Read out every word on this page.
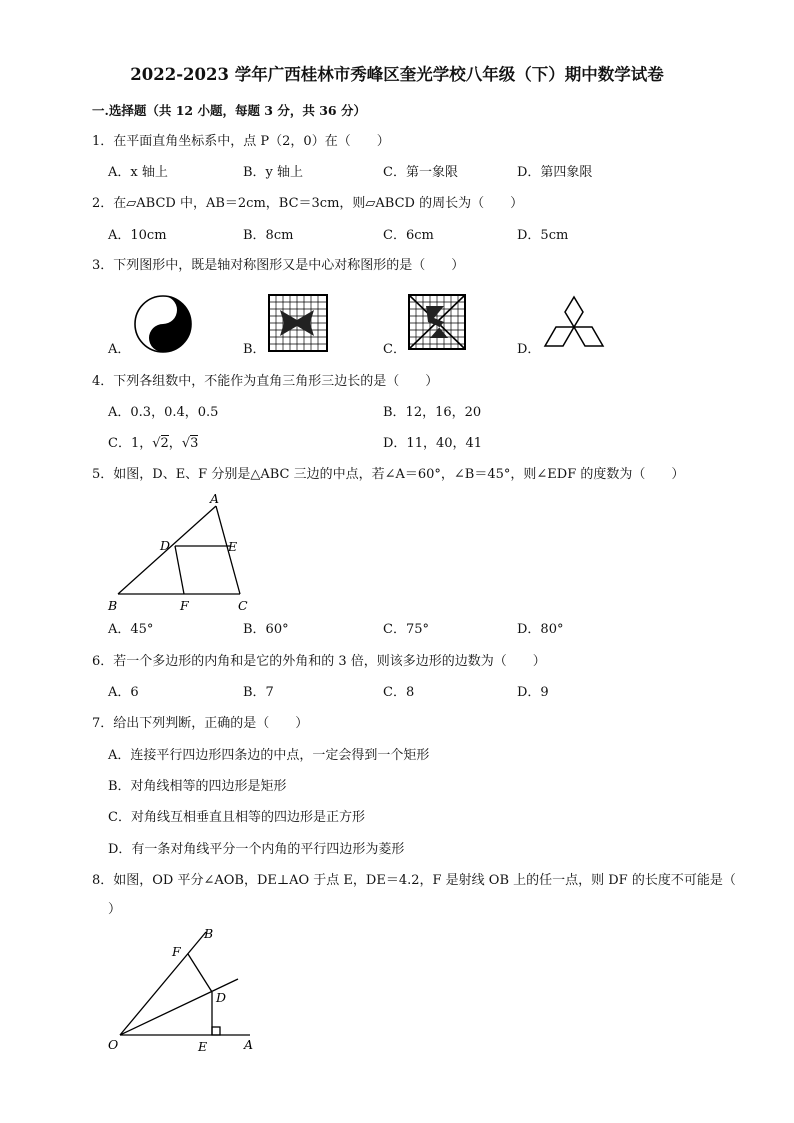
2022-2023 学年广西桂林市秀峰区奎光学校八年级（下）期中数学试卷
一.选择题（共 12 小题，每题 3 分，共 36 分）
1．在平面直角坐标系中，点 P（2，0）在（　　）
A．x 轴上	B．y 轴上	C．第一象限	D．第四象限
2．在▱ABCD 中，AB＝2cm，BC＝3cm，则▱ABCD 的周长为（　　）
A．10cm	B．8cm	C．6cm	D．5cm
3．下列图形中，既是轴对称图形又是中心对称图形的是（　　）
A．	B．	C．	D．
4．下列各组数中，不能作为直角三角形三边长的是（　　）
A．0.3，0.4，0.5	B．12，16，20
C．1，√2，√3	D．11，40，41
5．如图，D、E、F 分别是△ABC 三边的中点，若∠A＝60°，∠B＝45°，则∠EDF 的度数为（　　）
A
B	C
D	E
F
A．45°	B．60°	C．75°	D．80°
6．若一个多边形的内角和是它的外角和的 3 倍，则该多边形的边数为（　　）
A．6	B．7	C．8	D．9
7．给出下列判断，正确的是（　　）
A．连接平行四边形四条边的中点，一定会得到一个矩形
B．对角线相等的四边形是矩形
C．对角线互相垂直且相等的四边形是正方形
D．有一条对角线平分一个内角的平行四边形为菱形
8．如图，OD 平分∠AOB，DE⊥AO 于点 E，DE＝4.2，F 是射线 OB 上的任一点，则 DF 的长度不可能是（
）
O	A
B
D
E
F
